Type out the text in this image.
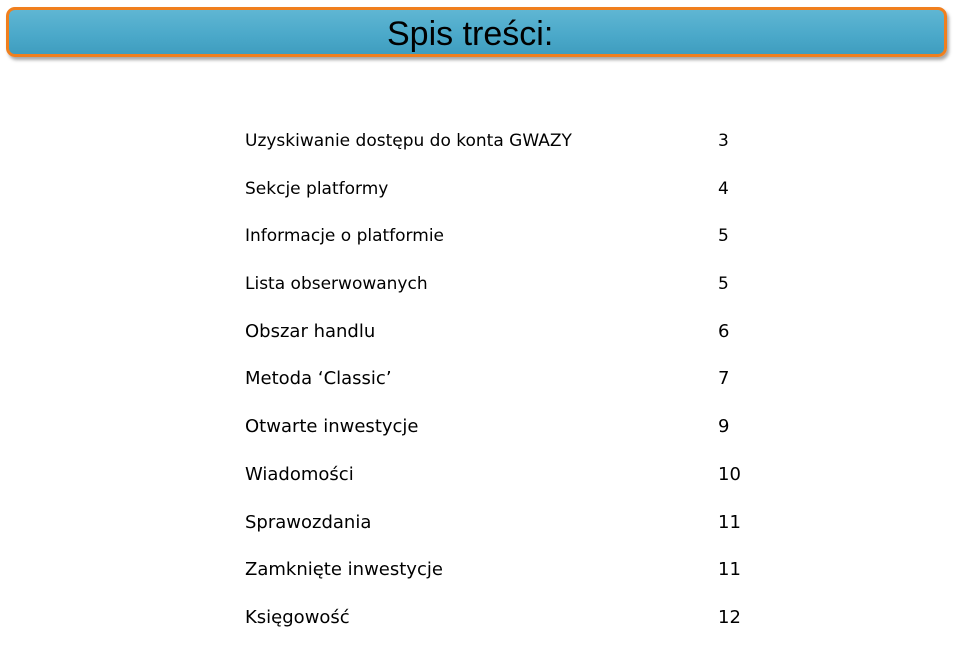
Spis treści:
Uzyskiwanie dostępu do konta GWAZY	3
Sekcje platformy	4
Informacje o platformie	5
Lista obserwowanych	5
Obszar handlu	6
Metoda ‘Classic’	7
Otwarte inwestycje	9
Wiadomości	10
Sprawozdania	11
Zamknięte inwestycje	11
Księgowość	12
